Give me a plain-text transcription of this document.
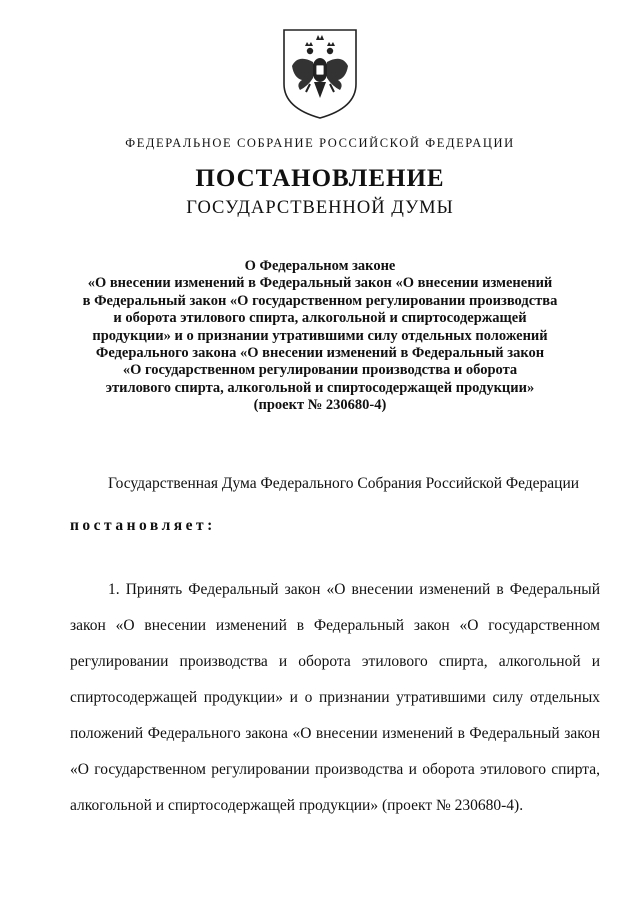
ФЕДЕРАЛЬНОЕ СОБРАНИЕ РОССИЙСКОЙ ФЕДЕРАЦИИ
ПОСТАНОВЛЕНИЕ
ГОСУДАРСТВЕННОЙ ДУМЫ
О Федеральном законе
«О внесении изменений в Федеральный закон «О внесении изменений
в Федеральный закон «О государственном регулировании производства
и оборота этилового спирта, алкогольной и спиртосодержащей
продукции» и о признании утратившими силу отдельных положений
Федерального закона «О внесении изменений в Федеральный закон
«О государственном регулировании производства и оборота
этилового спирта, алкогольной и спиртосодержащей продукции»
(проект № 230680-4)
Государственная Дума Федерального Собрания Российской Федерации
постановляет:
1. Принять Федеральный закон «О внесении изменений в Федеральный
закон «О внесении изменений в Федеральный закон «О государственном
регулировании производства и оборота этилового спирта, алкогольной и
спиртосодержащей продукции» и о признании утратившими силу отдельных
положений Федерального закона «О внесении изменений в Федеральный закон
«О государственном регулировании производства и оборота этилового спирта,
алкогольной и спиртосодержащей продукции» (проект № 230680-4).
